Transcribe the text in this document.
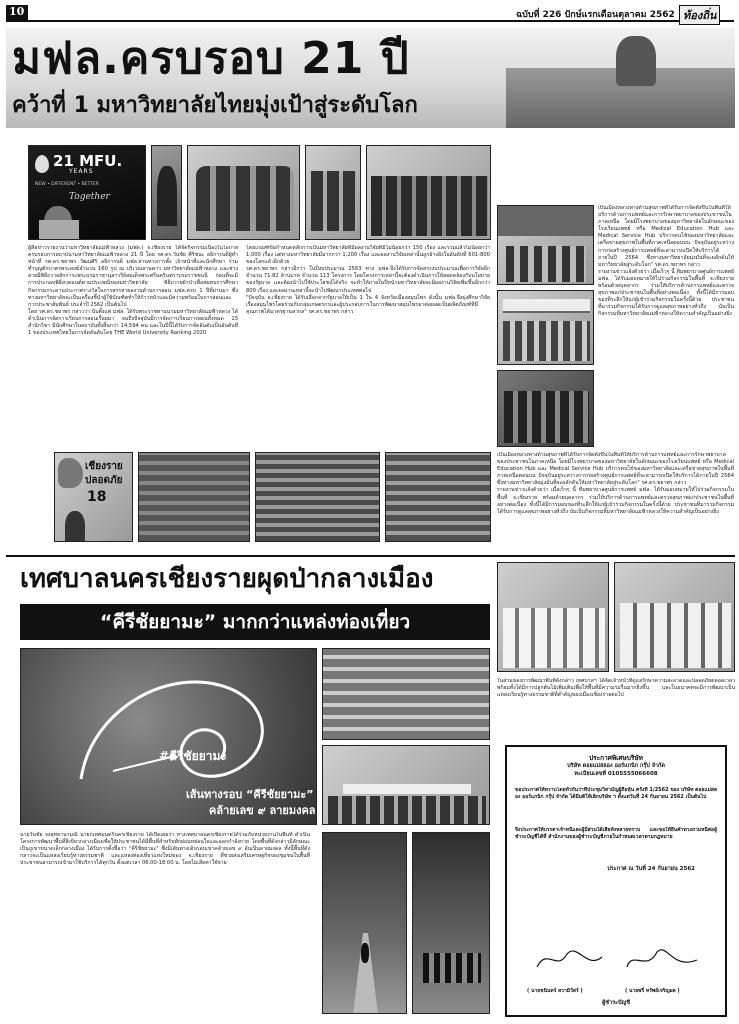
10	ฉบับที่ 226 ปักษ์แรกเดือนตุลาคม 2562 ท้องถิ่น
มฟล.ครบรอบ 21 ปี
คว้าที่ 1 มหาวิทยาลัยไทยมุ่งเป้าสู่ระดับโลก
21 MFU.
YEARS
NEW • DIFFERENT • BETTER
Together
ผู้สื่อข่าวรายงานว่ามหาวิทยาลัยแม่ฟ้าหลวง (มฟล.) จ.เชียงราย ได้จัดกิจกรรมเนื่องในโอกาสครบรอบการสถาปนามหาวิทยาลัยแม่ฟ้าหลวง 21 ปี โดย รศ.ดร.วันชัย ศิริชนะ อธิการบดีผู้ทำหน้าที่ รศ.ดร.ชยาพร วัฒนศิริ อธิการบดี มฟล.ผ่านทางการตั้ง เจ้าหน้าที่และนักศึกษา ร่วมทำบุญตักบาตรพระสงฆ์จำนวน 160 รูป ณ บริเวณลานดาว มหาวิทยาลัยแม่ฟ้าหลวง และช่วงสายมีพิธีถวายสักการะพระบรมราชานุสาวรีย์สมเด็จพระศรีนครินทราบรมราชชนนี ก่อนที่จะมีการประกอบพิธีสวดมนต์ตามประเพณีของมหาวิทยาลัย พิธีถวายผ้าป่าเพื่อสมทบการศึกษา กิจกรรมกระดานประกาศรางวัลในการสรรหาผลงานด้านการสอน มฟล.ครบ 1 ปีที่ผ่านมา ซึ่งทางมหาวิทยาลัยจะเป็นเครื่องชี้นำผู้ใช้บัณฑิตทำให้ก้าวหน้าและมีความพร้อมในการสอนและการประชาสัมพันธ์ ประจำปี 2562 เป็นต้นไป
โดย รศ.ดร.ชยาพร กล่าวว่า นับตั้งแต่ มฟล. ได้รับพระราชทานนามมหาวิทยาลัยแม่ฟ้าหลวง ได้ดำเนินการจัดการเรียนการสอนเรื่อยมา จนถึงปัจจุบันมีการจัดการเรียนการสอนทั้งหมด 15 สำนักวิชา มีนักศึกษาในสถาบันทั้งสิ้นกว่า 14,594 คน และในปีนี้ได้รับการจัดอันดับเป็นอันดับที่ 1 ของประเทศไทยในการจัดอันดับโดย THE World University Ranking 2020
โดยเกณฑ์ข้อกำหนดหลักการเป็นมหาวิทยาลัยที่มีผลงานวิจัยทีมีไม่น้อยกว่า 150 เรื่อง และรวมแล้วไม่น้อยกว่า 1,000 เรื่อง แต่ทางมหาวิทยาลัยมีมากกว่า 1,200 เรื่อง และผลงานวิจัยเหล่านั้นถูกอ้างอิงในอันดับที่ 601-800 ของโลกแล้วอีกด้วย
รศ.ดร.ชยาพร กล่าวอีกว่า ในปีงบประมาณ 2563 ทาง มฟล.จึงได้รับการจัดสรรงบประมาณเพื่อการวิจัยอีกจำนวน 71.82 ล้านบาท จำนวน 113 โครงการ โดยโครงการเหล่านี้จะต้องดำเนินการให้สอดคล้องกับนโยบายของรัฐบาล และต้องนำไปใช้ประโยชน์ได้จริง จะทำให้ภายในปีหน้ามหาวิทยาลัยจะมีผลงานวิจัยเพิ่มขึ้นอีกกว่า 800 เรื่อง และผลงานเหล่านี้จะนำไปพัฒนาประเทศต่อไป
"ปัจจุบัน จ.เชียงราย ได้รับเลือกจากรัฐบาลให้เป็น 1 ใน 4 จังหวัดเมืองสมุนไพร ดังนั้น มฟล.จึงมุ่งศึกษาวิจัยเรื่องสมุนไพรโดยร่วมกับกลุ่มเกษตรกรและผู้ประกอบการในการพัฒนาสมุนไพรมาต่อยอดเป็นผลิตภัณฑ์ที่มีคุณภาพได้มาตรฐานสากล" รศ.ดร.ชยาพร กล่าว
เป็นเมืองหลวงทางด้านสุขภาพที่ได้รับการจัดตั้งขึ้นในพื้นที่ให้บริการด้านการแพทย์และการรักษาพยาบาลของประชาชนในภาคเหนือ โดยมีโรงพยาบาลของมหาวิทยาลัยในลักษณะของโรงเรียนแพทย์ หรือ Medical Education Hub และ Medical Service Hub บริการคนไข้ของมหาวิทยาลัยและเครือข่ายสุขภาพในพื้นที่ภาคเหนือตอนบน ปัจจุบันอยู่ระหว่างการก่อสร้างศูนย์การแพทย์ที่จะสามารถเปิดให้บริการได้ภายในปี 2564 ซึ่งทางมหาวิทยาลัยมุ่งมั่นที่จะผลักดันให้มหาวิทยาลัยสู่ระดับโลก" รศ.ดร.ชยาพร กล่าว
รายงานข่าวแจ้งด้วยว่า เมื่อเร็วๆ นี้ ทีมพยาบาลศูนย์การแพทย์ มฟล. ได้รับมอบหมายให้ไปร่วมกิจกรรมในพื้นที่ จ.เชียงราย พร้อมด้วยบุคลากร ร่วมให้บริการด้านการแพทย์และตรวจสุขภาพแก่ประชาชนในพื้นที่อย่างต่อเนื่อง ทั้งนี้ได้มีการมอบของที่ระลึกให้แก่ผู้เข้าร่วมกิจกรรมในครั้งนี้ด้วย ประชาชนที่มาร่วมกิจกรรมได้รับการดูแลสุขภาพอย่างทั่วถึง นับเป็นกิจกรรมที่มหาวิทยาลัยแม่ฟ้าหลวงให้ความสำคัญเป็นอย่างยิ่ง
เป็นเมืองหลวงทางด้านสุขภาพที่ได้รับการจัดตั้งขึ้นในพื้นที่ให้บริการด้านการแพทย์และการรักษาพยาบาลของประชาชนในภาคเหนือ โดยมีโรงพยาบาลของมหาวิทยาลัยในลักษณะของโรงเรียนแพทย์ หรือ Medical Education Hub และ Medical Service Hub บริการคนไข้ของมหาวิทยาลัยและเครือข่ายสุขภาพในพื้นที่ภาคเหนือตอนบน ปัจจุบันอยู่ระหว่างการก่อสร้างศูนย์การแพทย์ที่จะสามารถเปิดให้บริการได้ภายในปี 2564 ซึ่งทางมหาวิทยาลัยมุ่งมั่นที่จะผลักดันให้มหาวิทยาลัยสู่ระดับโลก" รศ.ดร.ชยาพร กล่าว
รายงานข่าวแจ้งด้วยว่า เมื่อเร็วๆ นี้ ทีมพยาบาลศูนย์การแพทย์ มฟล. ได้รับมอบหมายให้ไปร่วมกิจกรรมในพื้นที่ จ.เชียงราย พร้อมด้วยบุคลากร ร่วมให้บริการด้านการแพทย์และตรวจสุขภาพแก่ประชาชนในพื้นที่อย่างต่อเนื่อง ทั้งนี้ได้มีการมอบของที่ระลึกให้แก่ผู้เข้าร่วมกิจกรรมในครั้งนี้ด้วย ประชาชนที่มาร่วมกิจกรรมได้รับการดูแลสุขภาพอย่างทั่วถึง นับเป็นกิจกรรมที่มหาวิทยาลัยแม่ฟ้าหลวงให้ความสำคัญเป็นอย่างยิ่ง
เชียงราย
ปลอดภัย
18
เทศบาลนครเชียงรายผุดป่ากลางเมือง
“คีรีชัยยามะ” มากกว่าแหล่งท่องเที่ยว
#คีรีชัยยามะ
เส้นทางรอบ “คีรีชัยยามะ”
คล้ายเลข ๙ ลายมงคล
นายวันชัย จงสุทธานามณี นายกเทศมนตรีนครเชียงราย ได้เปิดเผยว่า ทางเทศบาลนครเชียงรายได้ร่วมกับหน่วยงานในพื้นที่ ดำเนินโครงการพัฒนาพื้นที่สีเขียวกลางเมืองเพื่อให้ประชาชนได้มีพื้นที่สำหรับพักผ่อนหย่อนใจและออกกำลังกาย โดยพื้นที่ดังกล่าวมีลักษณะเป็นภูเขาขนาดเล็กกลางเมือง ได้รับการตั้งชื่อว่า "คีรีชัยยามะ" ซึ่งมีเส้นทางเดินรอบเขาคล้ายเลข ๙ อันเป็นลายมงคล ทั้งนี้พื้นที่ดังกล่าวจะเป็นแหล่งเรียนรู้ทางธรรมชาติ และแหล่งท่องเที่ยวแห่งใหม่ของ จ.เชียงราย ที่ช่วยส่งเสริมเศรษฐกิจของชุมชนในพื้นที่ ประชาชนสามารถเข้ามาใช้บริการได้ทุกวัน ตั้งแต่เวลา 06.00-18.00 น. โดยไม่เสียค่าใช้จ่าย
ในส่วนของการพัฒนาพื้นที่ดังกล่าว เทศบาลฯ ได้จัดเจ้าหน้าที่ดูแลรักษาความสะอาดและปลอดภัยตลอดเวลา พร้อมทั้งได้มีการปลูกต้นไม้เพิ่มเติมเพื่อให้พื้นที่มีความร่มรื่นมากยิ่งขึ้น และในอนาคตจะมีการพัฒนาเป็นแหล่งเรียนรู้ทางธรรมชาติที่สำคัญของเมืองเชียงรายต่อไป
ประกาศพิเศษบริษัท
บริษัท ดอยแม่สลอง ออร์แกนิก กรุ๊ป จำกัด
ทะเบียนเลขที่ 0105555066608
ขอประกาศให้ทราบโดยทั่วกันว่าที่ประชุมวิสามัญผู้ถือหุ้น ครั้งที่ 1/2562 ของ บริษัท ดอยแม่สลอง ออร์แกนิก กรุ๊ป จำกัด ได้มีมติให้เลิกบริษัท ฯ ตั้งแต่วันที่ 24 กันยายน 2562 เป็นต้นไป
จึงประกาศให้บรรดาเจ้าหนี้และผู้มีส่วนได้เสียทั้งหลายทราบ และขอให้ยื่นคำทวงถามหนี้ต่อผู้ชำระบัญชีได้ที่ สำนักงานของผู้ชำระบัญชีภายในกำหนดเวลาตามกฎหมาย
ประกาศ ณ วันที่ 24 กันยายน 2562
( นายชนินทร์ สวามิวัสร์ )	( นายพรี่ ทรัพย์เจริญผล )
ผู้ชำระบัญชี
